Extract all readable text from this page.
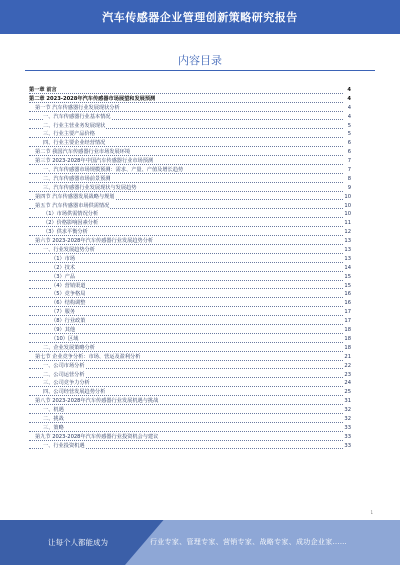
汽车传感器企业管理创新策略研究报告
内容目录
第一章 前言	4
第二章 2023-2028年汽车传感器市场展望和发展预测	4
第一节 汽车传感器行业发展现状分析	4
一、汽车传感器行业基本情况	4
二、行业主营业务发展现状	5
三、行业主要产品价格	5
四、行业主要企业经营情况	6
第二节 我国汽车传感器行业市场发展环境	6
第三节 2023-2028年中国汽车传感器行业市场预测	7
一、汽车传感器市场规模预测：需求、产量、产值及增长趋势	7
二、汽车传感器市场前景预测	8
三、汽车传感器行业发展现状与发展趋势	9
第四节 汽车传感器发展战略与规划	10
第五节 汽车传感器市场供需情况	10
（1）市场供需情况分析	10
（2）价格影响因素分析	11
（3）供求平衡分析	12
第六节 2023-2028年汽车传感器行业发展趋势分析	13
一、行业发展趋势分析	13
（1）市场	13
（2）技术	14
（3）产品	15
（4）营销渠道	15
（5）竞争格局	16
（6）结构调整	16
（7）服务	17
（8）行业政策	17
（9）其他	18
（10）区域	18
二、企业发展策略分析	18
第七节 企业竞争分析：市场、营运及盈利分析	21
一、公司市场分析	22
二、公司运营分析	23
三、公司竞争力分析	24
四、公司经营发展趋势分析	25
第八节 2023-2028年汽车传感器行业发展机遇与挑战	31
一、机遇	32
二、挑战	32
三、策略	33
第九节 2023-2028年汽车传感器行业投资机会与建议	33
一、行业投资机遇	33
1
让每个人都能成为	行业专家、管理专家、营销专家、战略专家、成功企业家……
